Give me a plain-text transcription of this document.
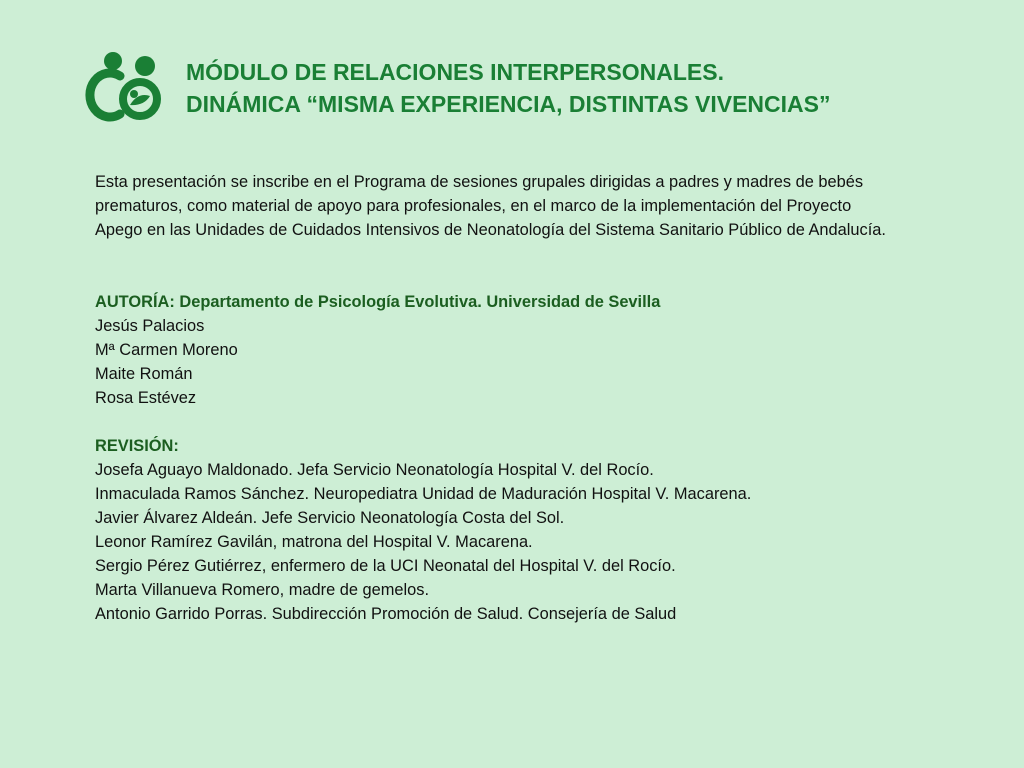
MÓDULO DE RELACIONES INTERPERSONALES.
DINÁMICA “MISMA EXPERIENCIA, DISTINTAS VIVENCIAS”
Esta presentación se inscribe en el Programa de sesiones grupales dirigidas a padres y madres de bebés
prematuros, como material de apoyo para profesionales, en el marco de la implementación del Proyecto
Apego en las Unidades de Cuidados Intensivos de Neonatología del Sistema Sanitario Público de Andalucía.
AUTORÍA: Departamento de Psicología Evolutiva. Universidad de Sevilla
Jesús Palacios
Mª Carmen Moreno
Maite Román
Rosa Estévez
REVISIÓN:
Josefa Aguayo Maldonado. Jefa Servicio Neonatología Hospital V. del Rocío.
Inmaculada Ramos Sánchez. Neuropediatra Unidad de Maduración Hospital V. Macarena.
Javier Álvarez Aldeán. Jefe Servicio Neonatología Costa del Sol.
Leonor Ramírez Gavilán, matrona del Hospital V. Macarena.
Sergio Pérez Gutiérrez, enfermero de la UCI Neonatal del Hospital V. del Rocío.
Marta Villanueva Romero, madre de gemelos.
Antonio Garrido Porras. Subdirección Promoción de Salud. Consejería de Salud
